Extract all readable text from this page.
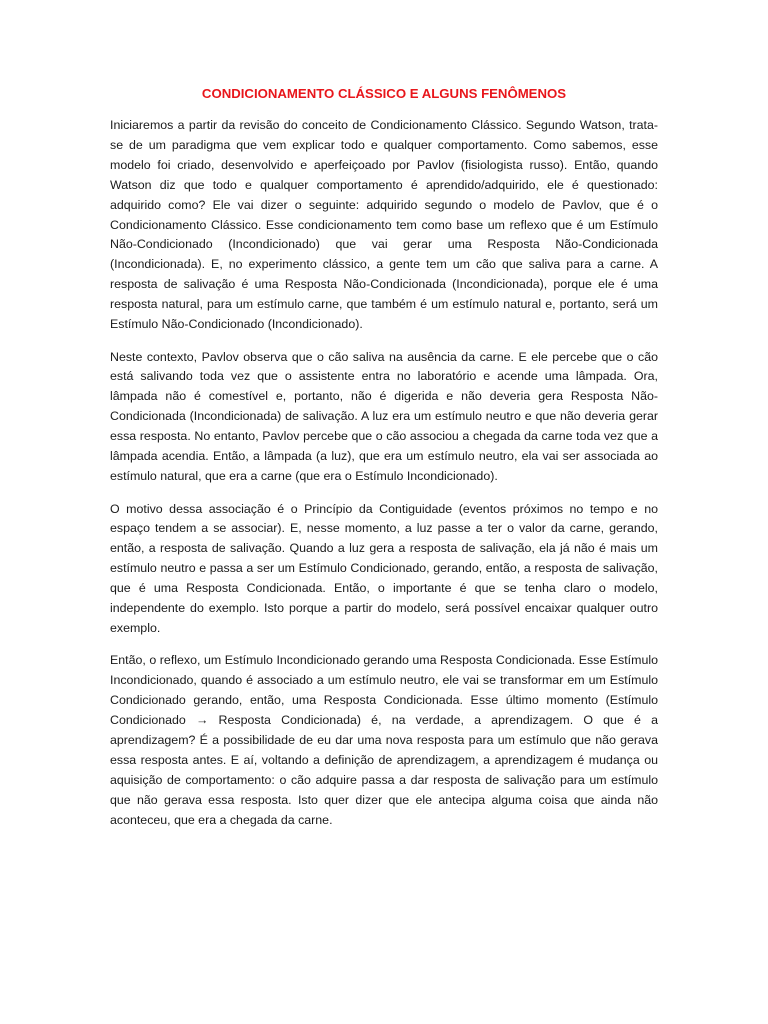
CONDICIONAMENTO CLÁSSICO E ALGUNS FENÔMENOS

Iniciaremos a partir da revisão do conceito de Condicionamento Clássico. Segundo Watson, trata-se de um paradigma que vem explicar todo e qualquer comportamento. Como sabemos, esse modelo foi criado, desenvolvido e aperfeiçoado por Pavlov (fisiologista russo). Então, quando Watson diz que todo e qualquer comportamento é aprendido/adquirido, ele é questionado: adquirido como? Ele vai dizer o seguinte: adquirido segundo o modelo de Pavlov, que é o Condicionamento Clássico. Esse condicionamento tem como base um reflexo que é um Estímulo Não-Condicionado (Incondicionado) que vai gerar uma Resposta Não-Condicionada (Incondicionada). E, no experimento clássico, a gente tem um cão que saliva para a carne. A resposta de salivação é uma Resposta Não-Condicionada (Incondicionada), porque ele é uma resposta natural, para um estímulo carne, que também é um estímulo natural e, portanto, será um Estímulo Não-Condicionado (Incondicionado).

Neste contexto, Pavlov observa que o cão saliva na ausência da carne. E ele percebe que o cão está salivando toda vez que o assistente entra no laboratório e acende uma lâmpada. Ora, lâmpada não é comestível e, portanto, não é digerida e não deveria gera Resposta Não-Condicionada (Incondicionada) de salivação. A luz era um estímulo neutro e que não deveria gerar essa resposta. No entanto, Pavlov percebe que o cão associou a chegada da carne toda vez que a lâmpada acendia. Então, a lâmpada (a luz), que era um estímulo neutro, ela vai ser associada ao estímulo natural, que era a carne (que era o Estímulo Incondicionado).

O motivo dessa associação é o Princípio da Contiguidade (eventos próximos no tempo e no espaço tendem a se associar). E, nesse momento, a luz passe a ter o valor da carne, gerando, então, a resposta de salivação. Quando a luz gera a resposta de salivação, ela já não é mais um estímulo neutro e passa a ser um Estímulo Condicionado, gerando, então, a resposta de salivação, que é uma Resposta Condicionada. Então, o importante é que se tenha claro o modelo, independente do exemplo. Isto porque a partir do modelo, será possível encaixar qualquer outro exemplo.

Então, o reflexo, um Estímulo Incondicionado gerando uma Resposta Condicionada. Esse Estímulo Incondicionado, quando é associado a um estímulo neutro, ele vai se transformar em um Estímulo Condicionado gerando, então, uma Resposta Condicionada. Esse último momento (Estímulo Condicionado → Resposta Condicionada) é, na verdade, a aprendizagem. O que é a aprendizagem? É a possibilidade de eu dar uma nova resposta para um estímulo que não gerava essa resposta antes. E aí, voltando a definição de aprendizagem, a aprendizagem é mudança ou aquisição de comportamento: o cão adquire passa a dar resposta de salivação para um estímulo que não gerava essa resposta. Isto quer dizer que ele antecipa alguma coisa que ainda não aconteceu, que era a chegada da carne.
